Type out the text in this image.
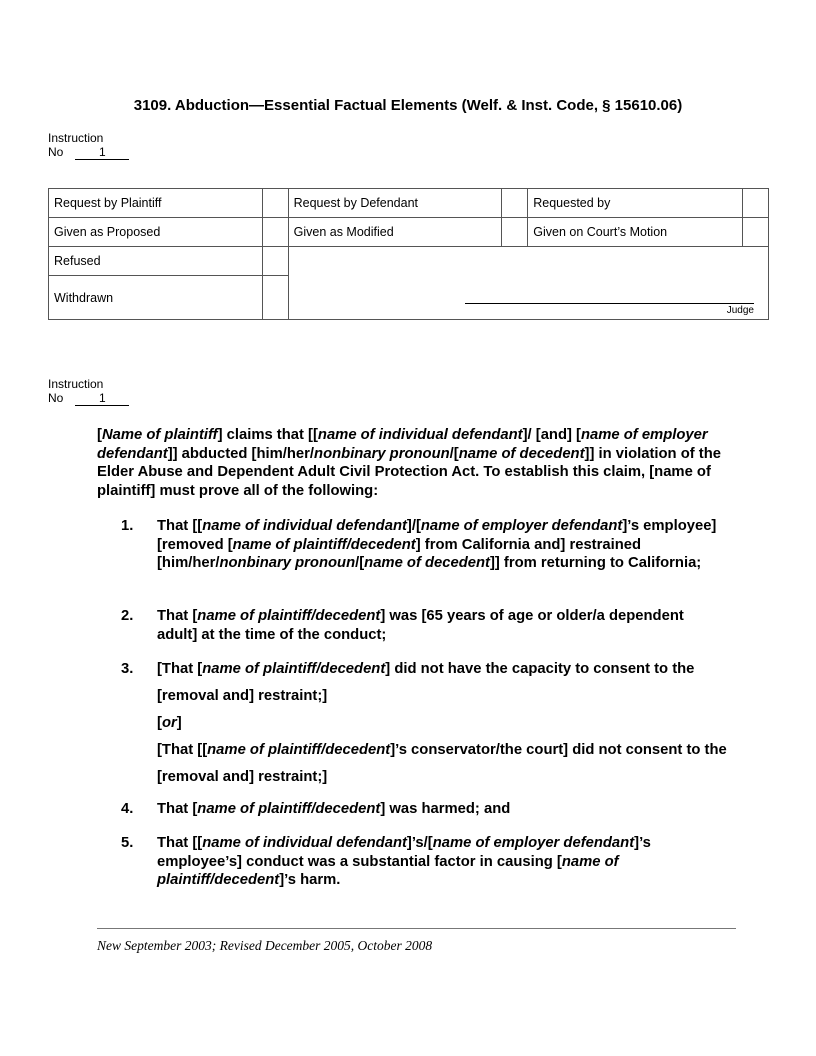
3109. Abduction—Essential Factual Elements (Welf. & Inst. Code, § 15610.06)
Instruction
No	1
Request by Plaintiff		Request by Defendant		Requested by	
Given as Proposed		Given as Modified		Given on Court’s Motion	
Refused		Judge			

Withdrawn					
Instruction
No	1

[Name of plaintiff] claims that [[name of individual defendant]/ [and] [name of employer defendant]] abducted [him/her/nonbinary pronoun/[name of decedent]] in violation of the Elder Abuse and Dependent Adult Civil Protection Act. To establish this claim, [name of plaintiff] must prove all of the following:

1. That [[name of individual defendant]/[name of employer defendant]’s employee] [removed [name of plaintiff/decedent] from California and] restrained [him/her/nonbinary pronoun/[name of decedent]] from returning to California;
2. That [name of plaintiff/decedent] was [65 years of age or older/a dependent adult] at the time of the conduct;
3. [That [name of plaintiff/decedent] did not have the capacity to consent to the [removal and] restraint;]
[or]
[That [[name of plaintiff/decedent]’s conservator/the court] did not consent to the [removal and] restraint;]
4. That [name of plaintiff/decedent] was harmed; and
5. That [[name of individual defendant]’s/[name of employer defendant]’s employee’s] conduct was a substantial factor in causing [name of plaintiff/decedent]’s harm.
New September 2003; Revised December 2005, October 2008
